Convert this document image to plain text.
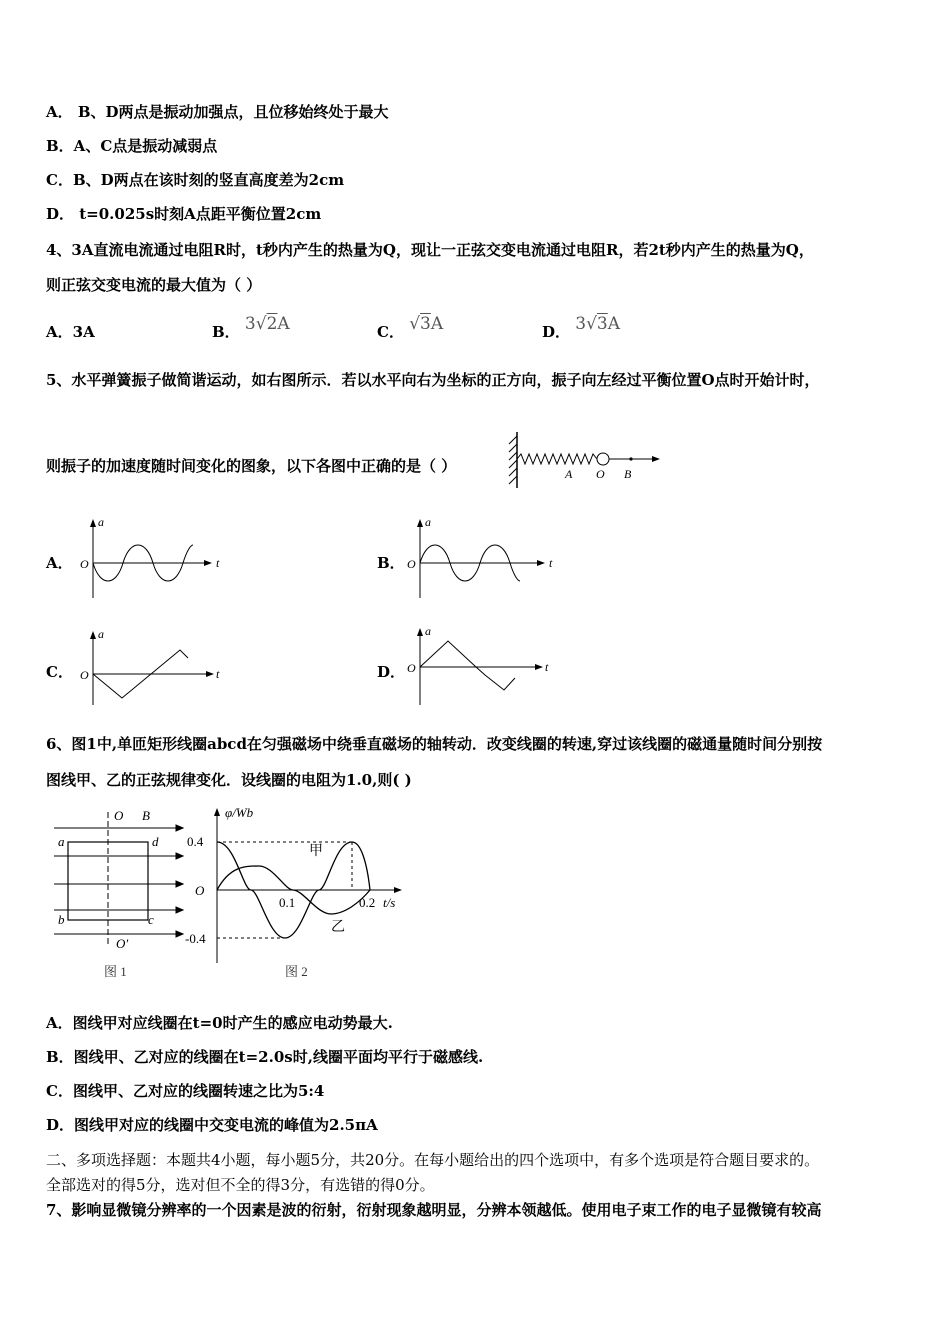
A． B、D两点是振动加强点，且位移始终处于最大
B．A、C点是振动减弱点
C．B、D两点在该时刻的竖直高度差为2cm
D． t=0.025s时刻A点距平衡位置2cm
4、3A直流电流通过电阻R时，t秒内产生的热量为Q，现让一正弦交变电流通过电阻R，若2t秒内产生的热量为Q，
则正弦交变电流的最大值为（ ）
A．3A	B． 3√2A	C． √3A	D． 3√3A
5、水平弹簧振子做简谐运动，如右图所示．若以水平向右为坐标的正方向，振子向左经过平衡位置O点时开始计时，
则振子的加速度随时间变化的图象，以下各图中正确的是（ ）	A O B
A．
a
O	t	B．
a
O	t
C．
a
O	t	D．
a
O	t
6、图1中,单匝矩形线圈abcd在匀强磁场中绕垂直磁场的轴转动．改变线圈的转速,穿过该线圈的磁通量随时间分别按
图线甲、乙的正弦规律变化．设线圈的电阻为1.0,则( )
O B
a	d
b	c
O′
图 1
φ/Wb
0.4
O
-0.4
0.1	0.2 t/s
甲
乙
图 2
A．图线甲对应线圈在t=0时产生的感应电动势最大.
B．图线甲、乙对应的线圈在t=2.0s时,线圈平面均平行于磁感线.
C．图线甲、乙对应的线圈转速之比为5:4
D．图线甲对应的线圈中交变电流的峰值为2.5πA
二、多项选择题：本题共4小题，每小题5分，共20分。在每小题给出的四个选项中，有多个选项是符合题目要求的。
全部选对的得5分，选对但不全的得3分，有选错的得0分。
7、影响显微镜分辨率的一个因素是波的衍射，衍射现象越明显，分辨本领越低。使用电子束工作的电子显微镜有较高
